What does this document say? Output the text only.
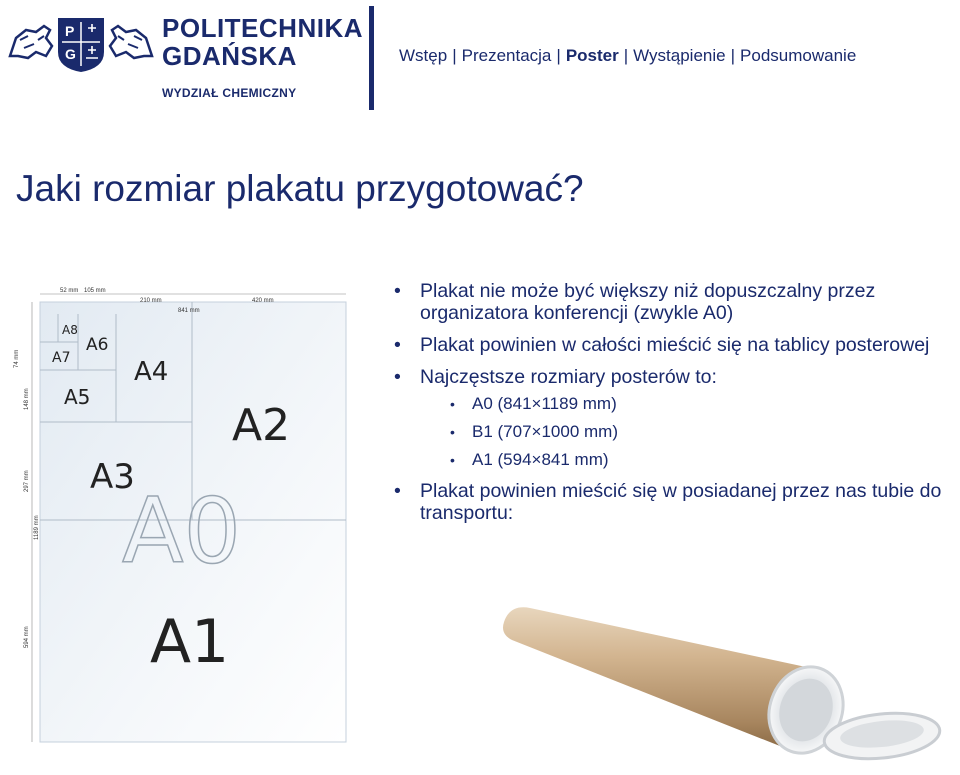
P
G
POLITECHNIKA
GDAŃSKA
WYDZIAŁ CHEMICZNY
Wstęp | Prezentacja | Poster | Wystąpienie | Podsumowanie
Jaki rozmiar plakatu przygotować?
52 mm 105 mm
210 mm
841 mm
420 mm
74 mm
148 mm
297 mm
1189 mm
594 mm
A8
A7
A6
A5
A4
A3
A2
A1
A0
• Plakat nie może być większy niż dopuszczalny przez organizatora konferencji (zwykle A0)
• Plakat powinien w całości mieścić się na tablicy posterowej
• Najczęstsze rozmiary posterów to:
• A0 (841×1189 mm)
• B1 (707×1000 mm)
• A1 (594×841 mm)
• Plakat powinien mieścić się w posiadanej przez nas tubie do transportu:
